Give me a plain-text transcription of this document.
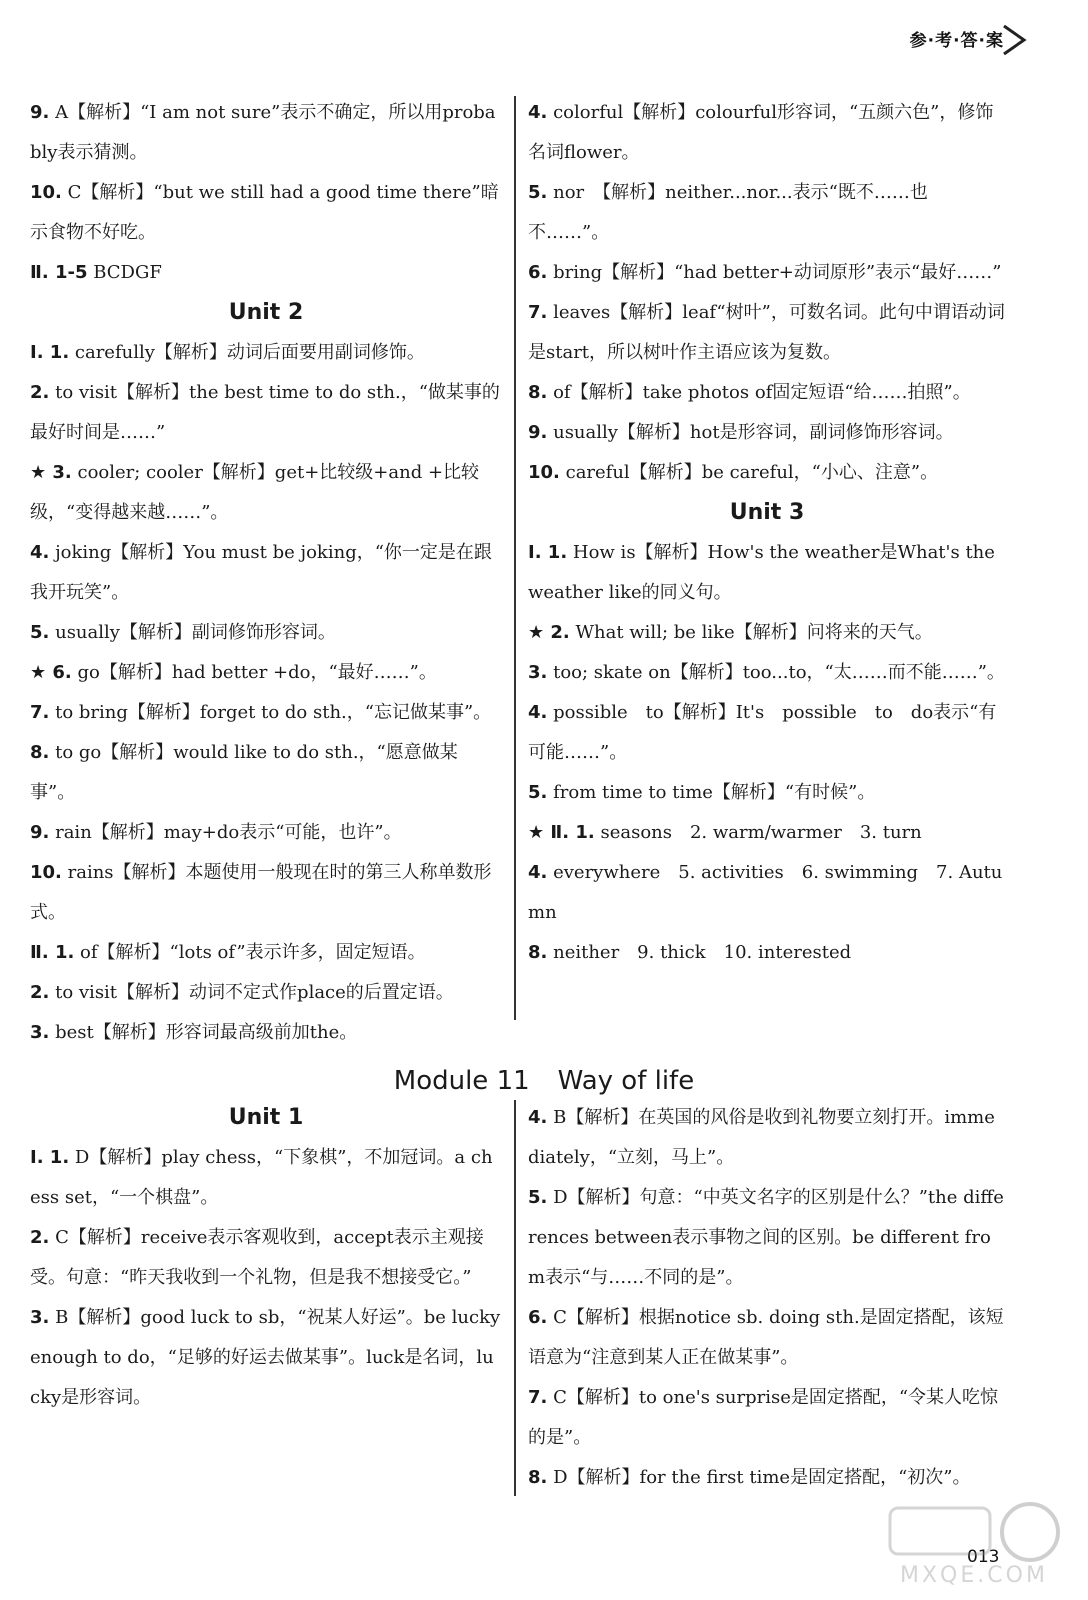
参·考·答·案

9. A【解析】“I am not sure”表示不确定，所以用probably表示猜测。

10. C【解析】“but we still had a good time there”暗示食物不好吃。

Ⅱ. 1-5 BCDGF

Unit 2

Ⅰ. 1. carefully【解析】动词后面要用副词修饰。

2. to visit【解析】the best time to do sth.，“做某事的最好时间是……”

★ 3. cooler; cooler【解析】get+比较级+and +比较级，“变得越来越……”。

4. joking【解析】You must be joking，“你一定是在跟我开玩笑”。

5. usually【解析】副词修饰形容词。

★ 6. go【解析】had better +do，“最好……”。

7. to bring【解析】forget to do sth.，“忘记做某事”。

8. to go【解析】would like to do sth.，“愿意做某事”。

9. rain【解析】may+do表示“可能，也许”。

10. rains【解析】本题使用一般现在时的第三人称单数形式。

Ⅱ. 1. of【解析】“lots of”表示许多，固定短语。

2. to visit【解析】动词不定式作place的后置定语。

3. best【解析】形容词最高级前加the。

4. colorful【解析】colourful形容词，“五颜六色”，修饰名词flower。

5. nor　【解析】neither...nor...表示“既不……也不……”。

6. bring【解析】“had better+动词原形”表示“最好……”

7. leaves【解析】leaf“树叶”，可数名词。此句中谓语动词是start，所以树叶作主语应该为复数。

8. of【解析】take photos of固定短语“给……拍照”。

9. usually【解析】hot是形容词，副词修饰形容词。

10. careful【解析】be careful，“小心、注意”。

Unit 3

Ⅰ. 1. How is【解析】How's the weather是What's the weather like的同义句。

★ 2. What will; be like【解析】问将来的天气。

3. too; skate on【解析】too...to，“太……而不能……”。

4. possible　to【解析】It's　possible　to　do表示“有可能……”。

5. from time to time【解析】“有时候”。

★ Ⅱ. 1. seasons　2. warm/warmer　3. turn

4. everywhere　5. activities　6. swimming　7. Autumn

8. neither　9. thick　10. interested

Module 11 Way of life
Unit 1

Ⅰ. 1. D【解析】play chess，“下象棋”，不加冠词。a chess set，“一个棋盘”。

2. C【解析】receive表示客观收到，accept表示主观接受。句意：“昨天我收到一个礼物，但是我不想接受它。”

3. B【解析】good luck to sb，“祝某人好运”。be lucky enough to do，“足够的好运去做某事”。luck是名词，lucky是形容词。

4. B【解析】在英国的风俗是收到礼物要立刻打开。immediately，“立刻，马上”。

5. D【解析】句意：“中英文名字的区别是什么？”the differences between表示事物之间的区别。be different from表示“与……不同的是”。

6. C【解析】根据notice sb. doing sth.是固定搭配，该短语意为“注意到某人正在做某事”。

7. C【解析】to one's surprise是固定搭配，“令某人吃惊的是”。

8. D【解析】for the first time是固定搭配，“初次”。

013
MXQE.COM
